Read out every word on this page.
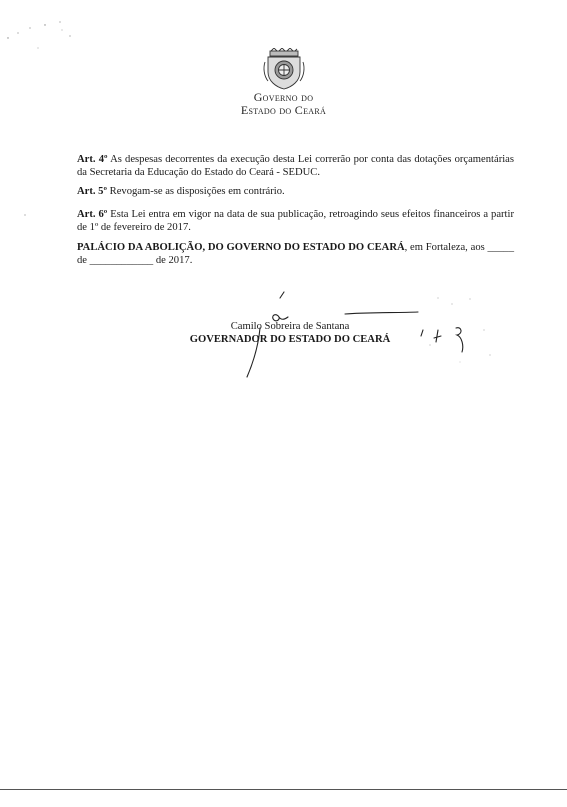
Governo do
Estado do Ceará
Art. 4º As despesas decorrentes da execução desta Lei correrão por conta das dotações orçamentárias da Secretaria da Educação do Estado do Ceará - SEDUC.
Art. 5º Revogam-se as disposições em contrário.
Art. 6º Esta Lei entra em vigor na data de sua publicação, retroagindo seus efeitos financeiros a partir de 1º de fevereiro de 2017.
PALÁCIO DA ABOLIÇÃO, DO GOVERNO DO ESTADO DO CEARÁ, em Fortaleza, aos _____ de ____________ de 2017.
Camilo Sobreira de Santana
GOVERNADOR DO ESTADO DO CEARÁ
